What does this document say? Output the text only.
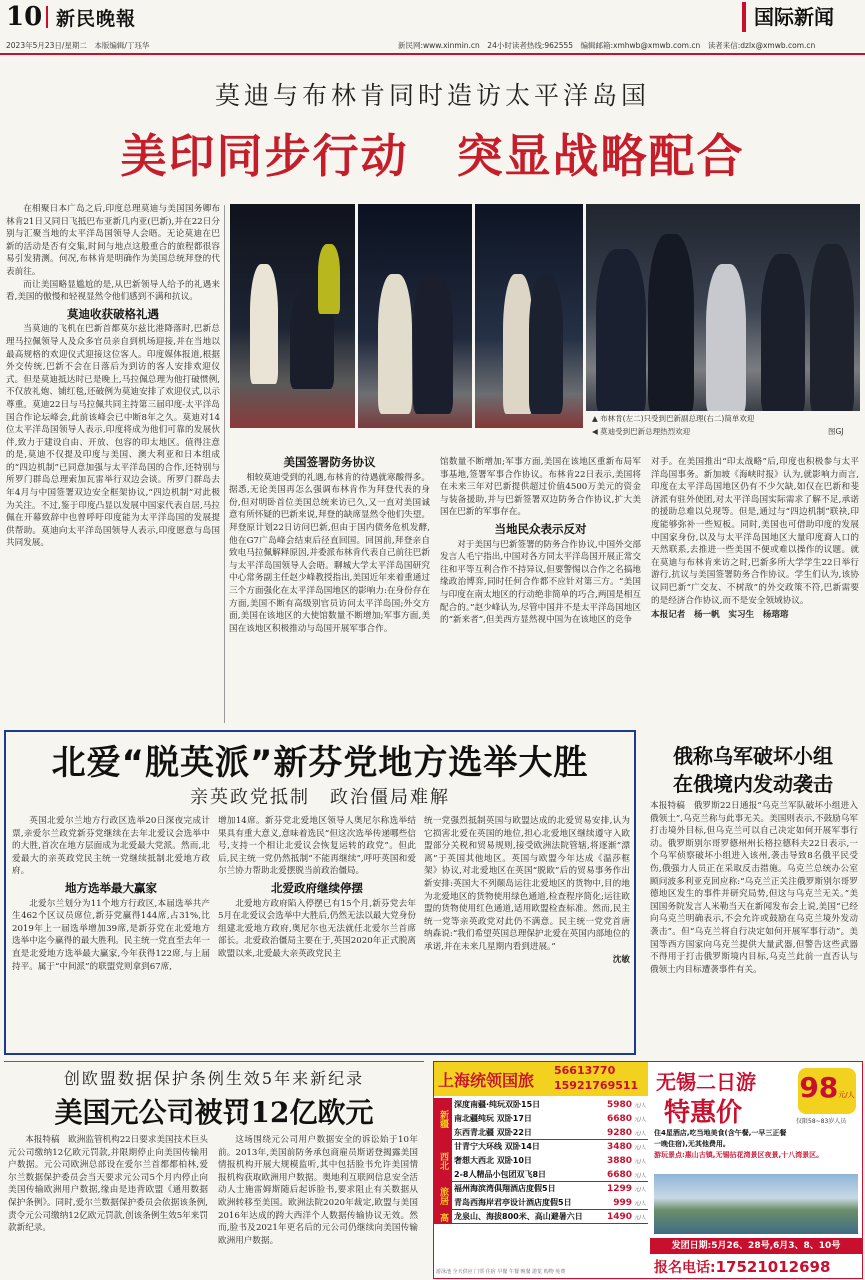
10 新民晚報	国际新闻
2023年5月23日/星期二　本版编辑/丁珏华	新民网:www.xinmin.cn　24小时读者热线:962555　编辑邮箱:xmhwb@xmwb.com.cn　读者来信:dzlx@xmwb.com.cn
莫迪与布林肯同时造访太平洋岛国
美印同步行动　突显战略配合

在相聚日本广岛之后,印度总理莫迪与美国国务卿布林肯21日又同日飞抵巴布亚新几内亚(巴新),并在22日分别与汇聚当地的太平洋岛国领导人会晤。无论莫迪在巴新的活动是否有交集,时间与地点这般重合的旅程都很容易引发猜测。何况,布林肯是明确作为美国总统拜登的代表前往。

而让美国略显尴尬的是,从巴新领导人给予的礼遇来看,美国的傲慢和轻视显然令他们感到不满和抗议。

莫迪收获破格礼遇

当莫迪的飞机在巴新首都莫尔兹比港降落时,巴新总理马拉佩领导人及众多官员亲自到机场迎接,并在当地以最高规格的欢迎仪式迎接这位客人。印度媒体报道,根据外交传统,巴新不会在日落后为到访的客人安排欢迎仪式。但是莫迪抵达时已是晚上,马拉佩总理为他打破惯例,不仅放礼炮、铺红毯,还破例为莫迪安排了欢迎仪式,以示尊重。莫迪22日与马拉佩共同主持第三届印度-太平洋岛国合作论坛峰会,此前该峰会已中断8年之久。莫迪对14位太平洋岛国领导人表示,印度将成为他们可靠的发展伙伴,致力于建设自由、开放、包容的印太地区。值得注意的是,莫迪不仅提及印度与美国、澳大利亚和日本组成的“四边机制”已同意加强与太平洋岛国的合作,还特别与所罗门群岛总理索加瓦雷举行双边会谈。所罗门群岛去年4月与中国签署双边安全框架协议,“四边机制”对此极为关注。不过,鉴于印度凸显以发展中国家代表自居,马拉佩在开幕致辞中也曾呼吁印度能为太平洋岛国的发展提供帮助。莫迪向太平洋岛国领导人表示,印度愿意与岛国共同发展。

▲ 布林肯(左二)只受到巴新副总理(右二)简单欢迎
◀ 莫迪受到巴新总理热烈欢迎	图GJ
美国签署防务协议

相较莫迪受到的礼遇,布林肯的待遇就寒酸得多。据悉,无论美国再怎么强调布林肯作为拜登代表的身份,但对明卧首位美国总统来访已久,又一直对美国诚意有所怀疑的巴新来说,拜登的缺席显然令他们失望。拜登原计划22日访问巴新,但由于国内债务危机发酵,他在G7广岛峰会结束后径直回国。回国前,拜登亲自致电马拉佩解释原因,并委派布林肯代表自己前往巴新与太平洋岛国领导人会晤。聊城大学太平洋岛国研究中心常务副主任赵少峰教授指出,美国近年来着重通过三个方面强化在太平洋岛国地区的影响力:在身份存在方面,美国不断有高级别官员访问太平洋岛国;外交方面,美国在该地区的大使馆数量不断增加;军事方面,美国在该地区积极推动与岛国开展军事合作。

馆数量不断增加;军事方面,美国在该地区重新布局军事基地,签署军事合作协议。布林肯22日表示,美国将在未来三年对巴新提供超过价值4500万美元的资金与装备援助,并与巴新签署双边防务合作协议,扩大美国在巴新的军事存在。

当地民众表示反对

对于美国与巴新签署的防务合作协议,中国外交部发言人毛宁指出,中国对各方同太平洋岛国开展正常交往和平等互利合作不持异议,但要警惕以合作之名搞地缘政治博弈,同时任何合作都不应针对第三方。“美国与印度在南太地区的行动绝非简单的巧合,两国是相互配合的。”赵少峰认为,尽管中国并不是太平洋岛国地区的“新来者”,但美西方显然视中国为在该地区的竞争

对手。在美国推出“印太战略”后,印度也积极参与太平洋岛国事务。新加坡《海峡时报》认为,就影响力而言,印度在太平洋岛国地区仍有不少欠缺,如仅在巴新和斐济派有驻外使团,对太平洋岛国实际需求了解不足,承诺的援助总难以兑现等。但是,通过与“四边机制”联袂,印度能够弥补一些短板。同时,美国也可借助印度的发展中国家身份,以及与太平洋岛国地区大量印度裔人口的天然联系,去推进一些美国不便或难以操作的议题。就在莫迪与布林肯来访之时,巴新多所大学学生22日举行游行,抗议与美国签署防务合作协议。学生们认为,该协议同巴新“广交友、不树敌”的外交政策不符,巴新需要的是经济合作协议,而不是安全领域协议。

本报记者　杨一帆　实习生　杨瑢瑢
北爱“脱英派”新芬党地方选举大胜
亲英政党抵制　政治僵局难解

英国北爱尔兰地方行政区选举20日深夜完成计票,亲爱尔兰政党新芬党继续在去年北爱议会选举中的大胜,首次在地方层面成为北爱最大党派。然而,北爱最大的亲英政党民主统一党继续抵制北爱地方政府。

地方选举最大赢家

北爱尔兰划分为11个地方行政区,本届选举共产生462个区议员席位,新芬党赢得144席,占31%,比2019年上一届选举增加39席,是新芬党在北爱地方选举中迄今赢得的最大胜利。民主统一党直至去年一直是北爱地方选举最大赢家,今年获得122席,与上届持平。属于“中间派”的联盟党则拿到67席,

增加14席。新芬党北爱地区领导人奥尼尔称选举结果具有重大意义,意味着选民“但这次选举传递哪些信号,支持一个相让北爱议会恢复运转的政党”。但此后,民主统一党仍然抵制“不能再继续”,呼吁英国和爱尔兰协力帮助北爱摆脱当前政治僵局。

北爱政府继续停摆

北爱地方政府陷入停摆已有15个月,新芬党去年5月在北爱议会选举中大胜后,仍然无法以最大党身份组建北爱地方政府,奥尼尔也无法就任北爱尔兰首席部长。北爱政治僵局主要在于,英国2020年正式脱离欧盟以来,北爱最大亲英政党民主

统一党强烈抵制英国与欧盟达成的北爱贸易安排,认为它损害北爱在英国的地位,担心北爱地区继续遵守入欧盟部分关税和贸易规则,接受欧洲法院管辖,将逐渐“漂离”于英国其他地区。英国与欧盟今年达成《温莎框架》协议,对北爱地区在英国“脱欧”后的贸易事务作出新安排:英国大不列颠岛运往北爱地区的货物中,目的地为北爱地区的货物使用绿色通道,检查程序简化;运往欧盟的货物使用红色通道,适用欧盟检查标准。然而,民主统一党等亲英政党对此仍不满意。民主统一党党首唐纳森说:“我们希望英国总理保护北爱在英国内部地位的承诺,并在未来几星期内看到进展。”

沈敏
俄称乌军破坏小组
在俄境内发动袭击

本报特稿　俄罗斯22日通报“乌克兰军队破坏小组进入俄领土”,乌克兰称与此事无关。美国则表示,不鼓励乌军打击境外目标,但乌克兰可以自己决定如何开展军事行动。俄罗斯别尔哥罗德州州长格拉德科夫22日表示,一个乌军侦察破坏小组进入该州,袭击导致8名俄平民受伤,俄强力人员正在采取反击措施。乌克兰总统办公室顾问波多利亚克回应称:“乌克兰正关注俄罗斯别尔哥罗德地区发生的事件并研究局势,但这与乌克兰无关。”美国国务院发言人米勒当天在新闻发布会上说,美国“已经向乌克兰明确表示,不会允许或鼓励在乌克兰境外发动袭击”。但“乌克兰将自行决定如何开展军事行动”。美国等西方国家向乌克兰提供大量武器,但警告这些武器不得用于打击俄罗斯境内目标,乌克兰此前一直否认与俄领土内目标遭袭事件有关。

创欧盟数据保护条例生效5年来新纪录
美国元公司被罚12亿欧元

本报特稿　欧洲监管机构22日要求美国技术巨头元公司缴纳12亿欧元罚款,并限期停止向美国传输用户数据。元公司欧洲总部设在爱尔兰首都都柏林,爱尔兰数据保护委员会当天要求元公司5个月内停止向美国传输欧洲用户数据,缘由是违背欧盟《通用数据保护条例》。同时,爱尔兰数据保护委员会依据该条例,责令元公司缴纳12亿欧元罚款,创该条例生效5年来罚款新纪录。

这场围绕元公司用户数据安全的诉讼始于10年前。2013年,美国前防务承包商雇员斯诺登揭露美国情报机构开展大规模监听,其中包括脸书允许美国情报机构获取欧洲用户数据。奥地利互联网信息安全活动人士施雷姆斯随后起诉脸书,要求阻止有关数据从欧洲转移至美国。欧洲法院2020年裁定,欧盟与美国2016年达成的跨大西洋个人数据传输协议无效。然而,脸书及2021年更名后的元公司仍继续向美国传输欧洲用户数据。

上海统领国旅
56613770
15921769511
新疆
深度南疆·纯玩双卧15日	5980 元/人
南北疆纯玩 双卧17日	6680 元/人
东西青北疆 双卧22日	9280 元/人
西北
甘青宁大环线 双卧14日	3480 元/人
奢想大西北 双卧10日	3880 元/人
2-8人精品小包团双飞8日	6680 元/人
旅居 福州海滨湾俱翔酒店度假5日	1299 元/人
青岛西海岸君亭设计酒店度假5日	999 元/人
高 龙泉山、海拔800米、高山避暑六日	1490 元/人
游泳池 全天供应 门票 住宿 早餐 午餐 晚餐 游览 购物 免费
无锡二日游
特惠价
98元/人
仅限58~83岁人员
住4星酒店,吃当地美食(含午餐,一早三正餐
一晚住宿),无其他费用。
游玩景点:惠山古镇,无锡拈花湾景区夜景,十八湾景区。
发团日期:5月26、28号,6月3、8、10号
报名电话:17521012698
